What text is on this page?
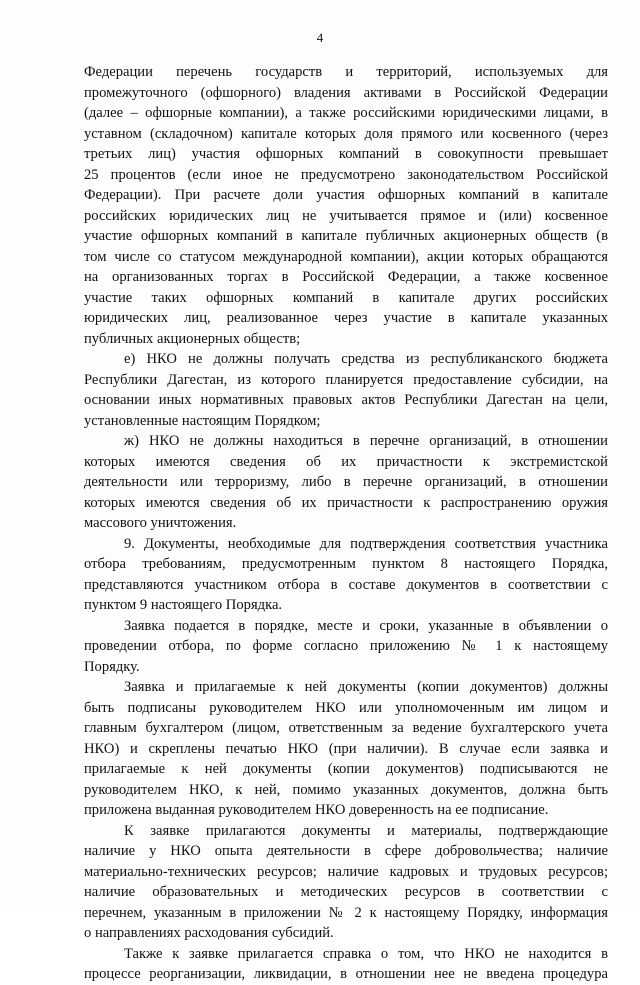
4
Федерации перечень государств и территорий, используемых для
промежуточного (офшорного) владения активами в Российской Федерации
(далее – офшорные компании), а также российскими юридическими лицами, в
уставном (складочном) капитале которых доля прямого или косвенного (через
третьих лиц) участия офшорных компаний в совокупности превышает
25 процентов (если иное не предусмотрено законодательством Российской
Федерации). При расчете доли участия офшорных компаний в капитале
российских юридических лиц не учитывается прямое и (или) косвенное
участие офшорных компаний в капитале публичных акционерных обществ (в
том числе со статусом международной компании), акции которых обращаются
на организованных торгах в Российской Федерации, а также косвенное
участие таких офшорных компаний в капитале других российских
юридических лиц, реализованное через участие в капитале указанных
публичных акционерных обществ;
е) НКО не должны получать средства из республиканского бюджета
Республики Дагестан, из которого планируется предоставление субсидии, на
основании иных нормативных правовых актов Республики Дагестан на цели,
установленные настоящим Порядком;
ж) НКО не должны находиться в перечне организаций, в отношении
которых имеются сведения об их причастности к экстремистской
деятельности или терроризму, либо в перечне организаций, в отношении
которых имеются сведения об их причастности к распространению оружия
массового уничтожения.
9. Документы, необходимые для подтверждения соответствия участника
отбора требованиям, предусмотренным пунктом 8 настоящего Порядка,
представляются участником отбора в составе документов в соответствии с
пунктом 9 настоящего Порядка.
Заявка подается в порядке, месте и сроки, указанные в объявлении о
проведении отбора, по форме согласно приложению № 1 к настоящему
Порядку.
Заявка и прилагаемые к ней документы (копии документов) должны
быть подписаны руководителем НКО или уполномоченным им лицом и
главным бухгалтером (лицом, ответственным за ведение бухгалтерского учета
НКО) и скреплены печатью НКО (при наличии). В случае если заявка и
прилагаемые к ней документы (копии документов) подписываются не
руководителем НКО, к ней, помимо указанных документов, должна быть
приложена выданная руководителем НКО доверенность на ее подписание.
К заявке прилагаются документы и материалы, подтверждающие
наличие у НКО опыта деятельности в сфере добровольчества; наличие
материально-технических ресурсов; наличие кадровых и трудовых ресурсов;
наличие образовательных и методических ресурсов в соответствии с
перечнем, указанным в приложении № 2 к настоящему Порядку, информация
о направлениях расходования субсидий.
Также к заявке прилагается справка о том, что НКО не находится в
процессе реорганизации, ликвидации, в отношении нее не введена процедура
